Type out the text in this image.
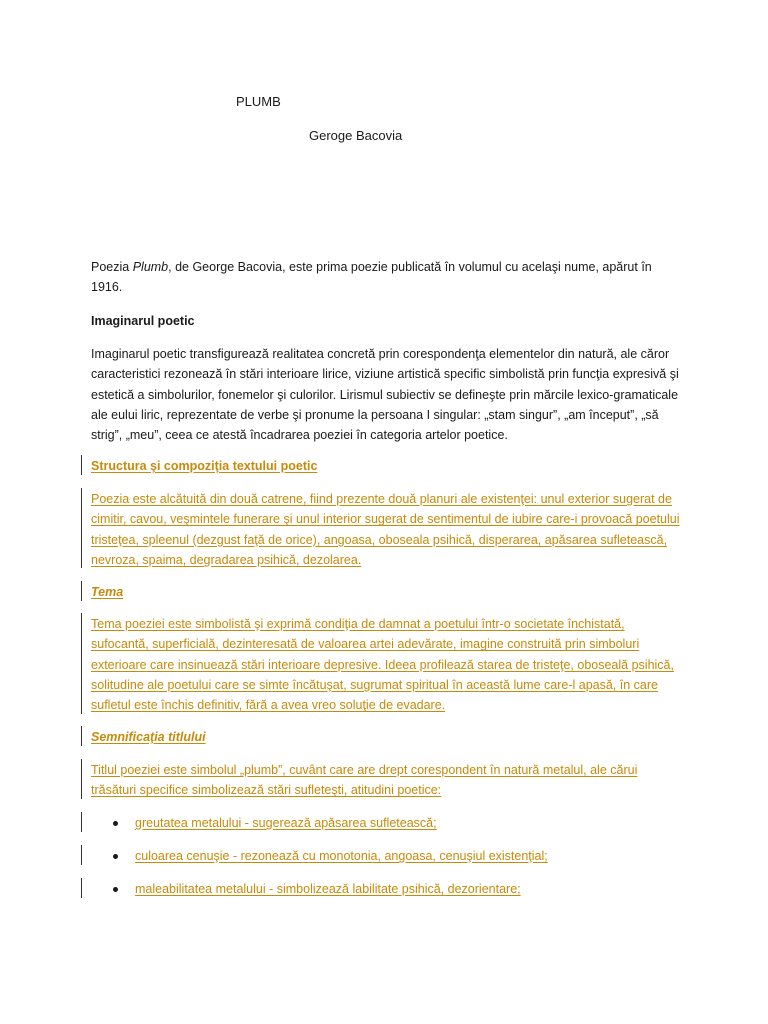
PLUMB
Geroge Bacovia

Poezia Plumb, de George Bacovia, este prima poezie publicată în volumul cu acelaşi nume, apărut în 1916.

Imaginarul poetic

Imaginarul poetic transfigurează realitatea concretă prin corespondenţa elementelor din natură, ale căror caracteristici rezonează în stări interioare lirice, viziune artistică specific simbolistă prin funcţia expresivă şi estetică a simbolurilor, fonemelor şi culorilor. Lirismul subiectiv se defineşte prin mărcile lexico-gramaticale ale eului liric, reprezentate de verbe şi pronume la persoana I singular: „stam singur”, „am început”, „să strig”, „meu”, ceea ce atestă încadrarea poeziei în categoria artelor poetice.

Structura şi compoziţia textului poetic

Poezia este alcătuită din două catrene, fiind prezente două planuri ale existenţei: unul exterior sugerat de cimitir, cavou, veşmintele funerare şi unul interior sugerat de sentimentul de iubire care-i provoacă poetului tristeţea, spleenul (dezgust faţă de orice), angoasa, oboseala psihică, disperarea, apăsarea sufletească, nevroza, spaima, degradarea psihică, dezolarea.

Tema

Tema poeziei este simbolistă şi exprimă condiţia de damnat a poetului într-o societate închistată, sufocantă, superficială, dezinteresată de valoarea artei adevărate, imagine construită prin simboluri exterioare care insinuează stări interioare depresive. Ideea profilează starea de tristeţe, oboseală psihică, solitudine ale poetului care se simte încătuşat, sugrumat spiritual în această lume care-l apasă, în care sufletul este închis definitiv, fără a avea vreo soluţie de evadare.

Semnificaţia titlului

Titlul poeziei este simbolul „plumb”, cuvânt care are drept corespondent în natură metalul, ale cărui trăsături specifice simbolizează stări sufleteşti, atitudini poetice:

greutatea metalului - sugerează apăsarea sufletească;
culoarea cenuşie - rezonează cu monotonia, angoasa, cenuşiul existenţial;
maleabilitatea metalului - simbolizează labilitate psihică, dezorientare;
